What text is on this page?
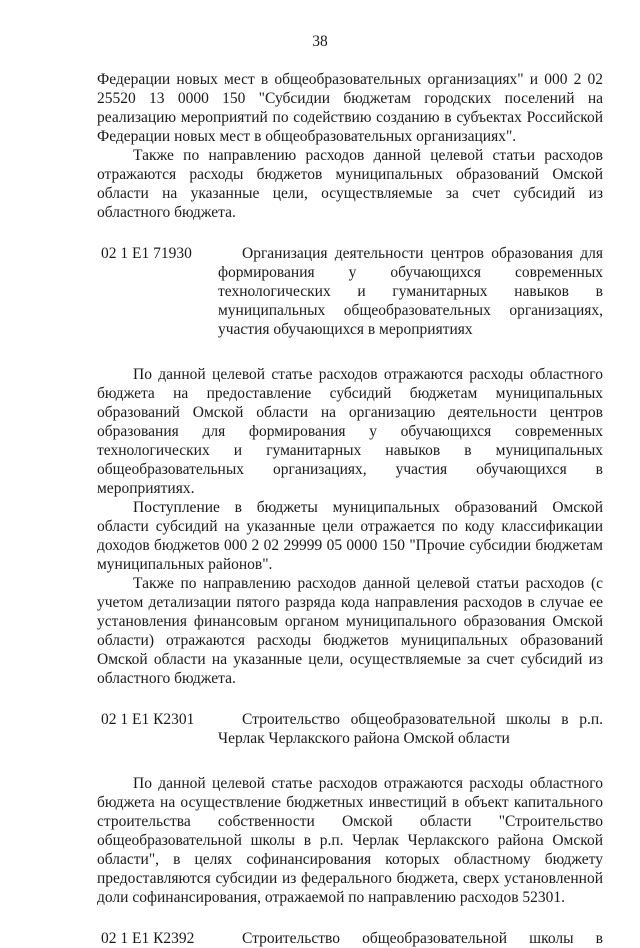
38

Федерации новых мест в общеобразовательных организациях" и 000 2 02 25520 13 0000 150 "Субсидии бюджетам городских поселений на реализацию мероприятий по содействию созданию в субъектах Российской Федерации новых мест в общеобразовательных организациях".

Также по направлению расходов данной целевой статьи расходов отражаются расходы бюджетов муниципальных образований Омской области на указанные цели, осуществляемые за счет субсидий из областного бюджета.

02 1 E1 71930	Организация деятельности центров образования для формирования у обучающихся современных технологических и гуманитарных навыков в муниципальных общеобразовательных организациях, участия обучающихся в мероприятиях

По данной целевой статье расходов отражаются расходы областного бюджета на предоставление субсидий бюджетам муниципальных образований Омской области на организацию деятельности центров образования для формирования у обучающихся современных технологических и гуманитарных навыков в муниципальных общеобразовательных организациях, участия обучающихся в мероприятиях.

Поступление в бюджеты муниципальных образований Омской области субсидий на указанные цели отражается по коду классификации доходов бюджетов 000 2 02 29999 05 0000 150 "Прочие субсидии бюджетам муниципальных районов".

Также по направлению расходов данной целевой статьи расходов (с учетом детализации пятого разряда кода направления расходов в случае ее установления финансовым органом муниципального образования Омской области) отражаются расходы бюджетов муниципальных образований Омской области на указанные цели, осуществляемые за счет субсидий из областного бюджета.

02 1 E1 К2301	Строительство общеобразовательной школы в р.п. Черлак Черлакского района Омской области

По данной целевой статье расходов отражаются расходы областного бюджета на осуществление бюджетных инвестиций в объект капитального строительства собственности Омской области "Строительство общеобразовательной школы в р.п. Черлак Черлакского района Омской области", в целях софинансирования которых областному бюджету предоставляются субсидии из федерального бюджета, сверх установленной доли софинансирования, отражаемой по направлению расходов 52301.

02 1 E1 К2392	Строительство общеобразовательной школы в
